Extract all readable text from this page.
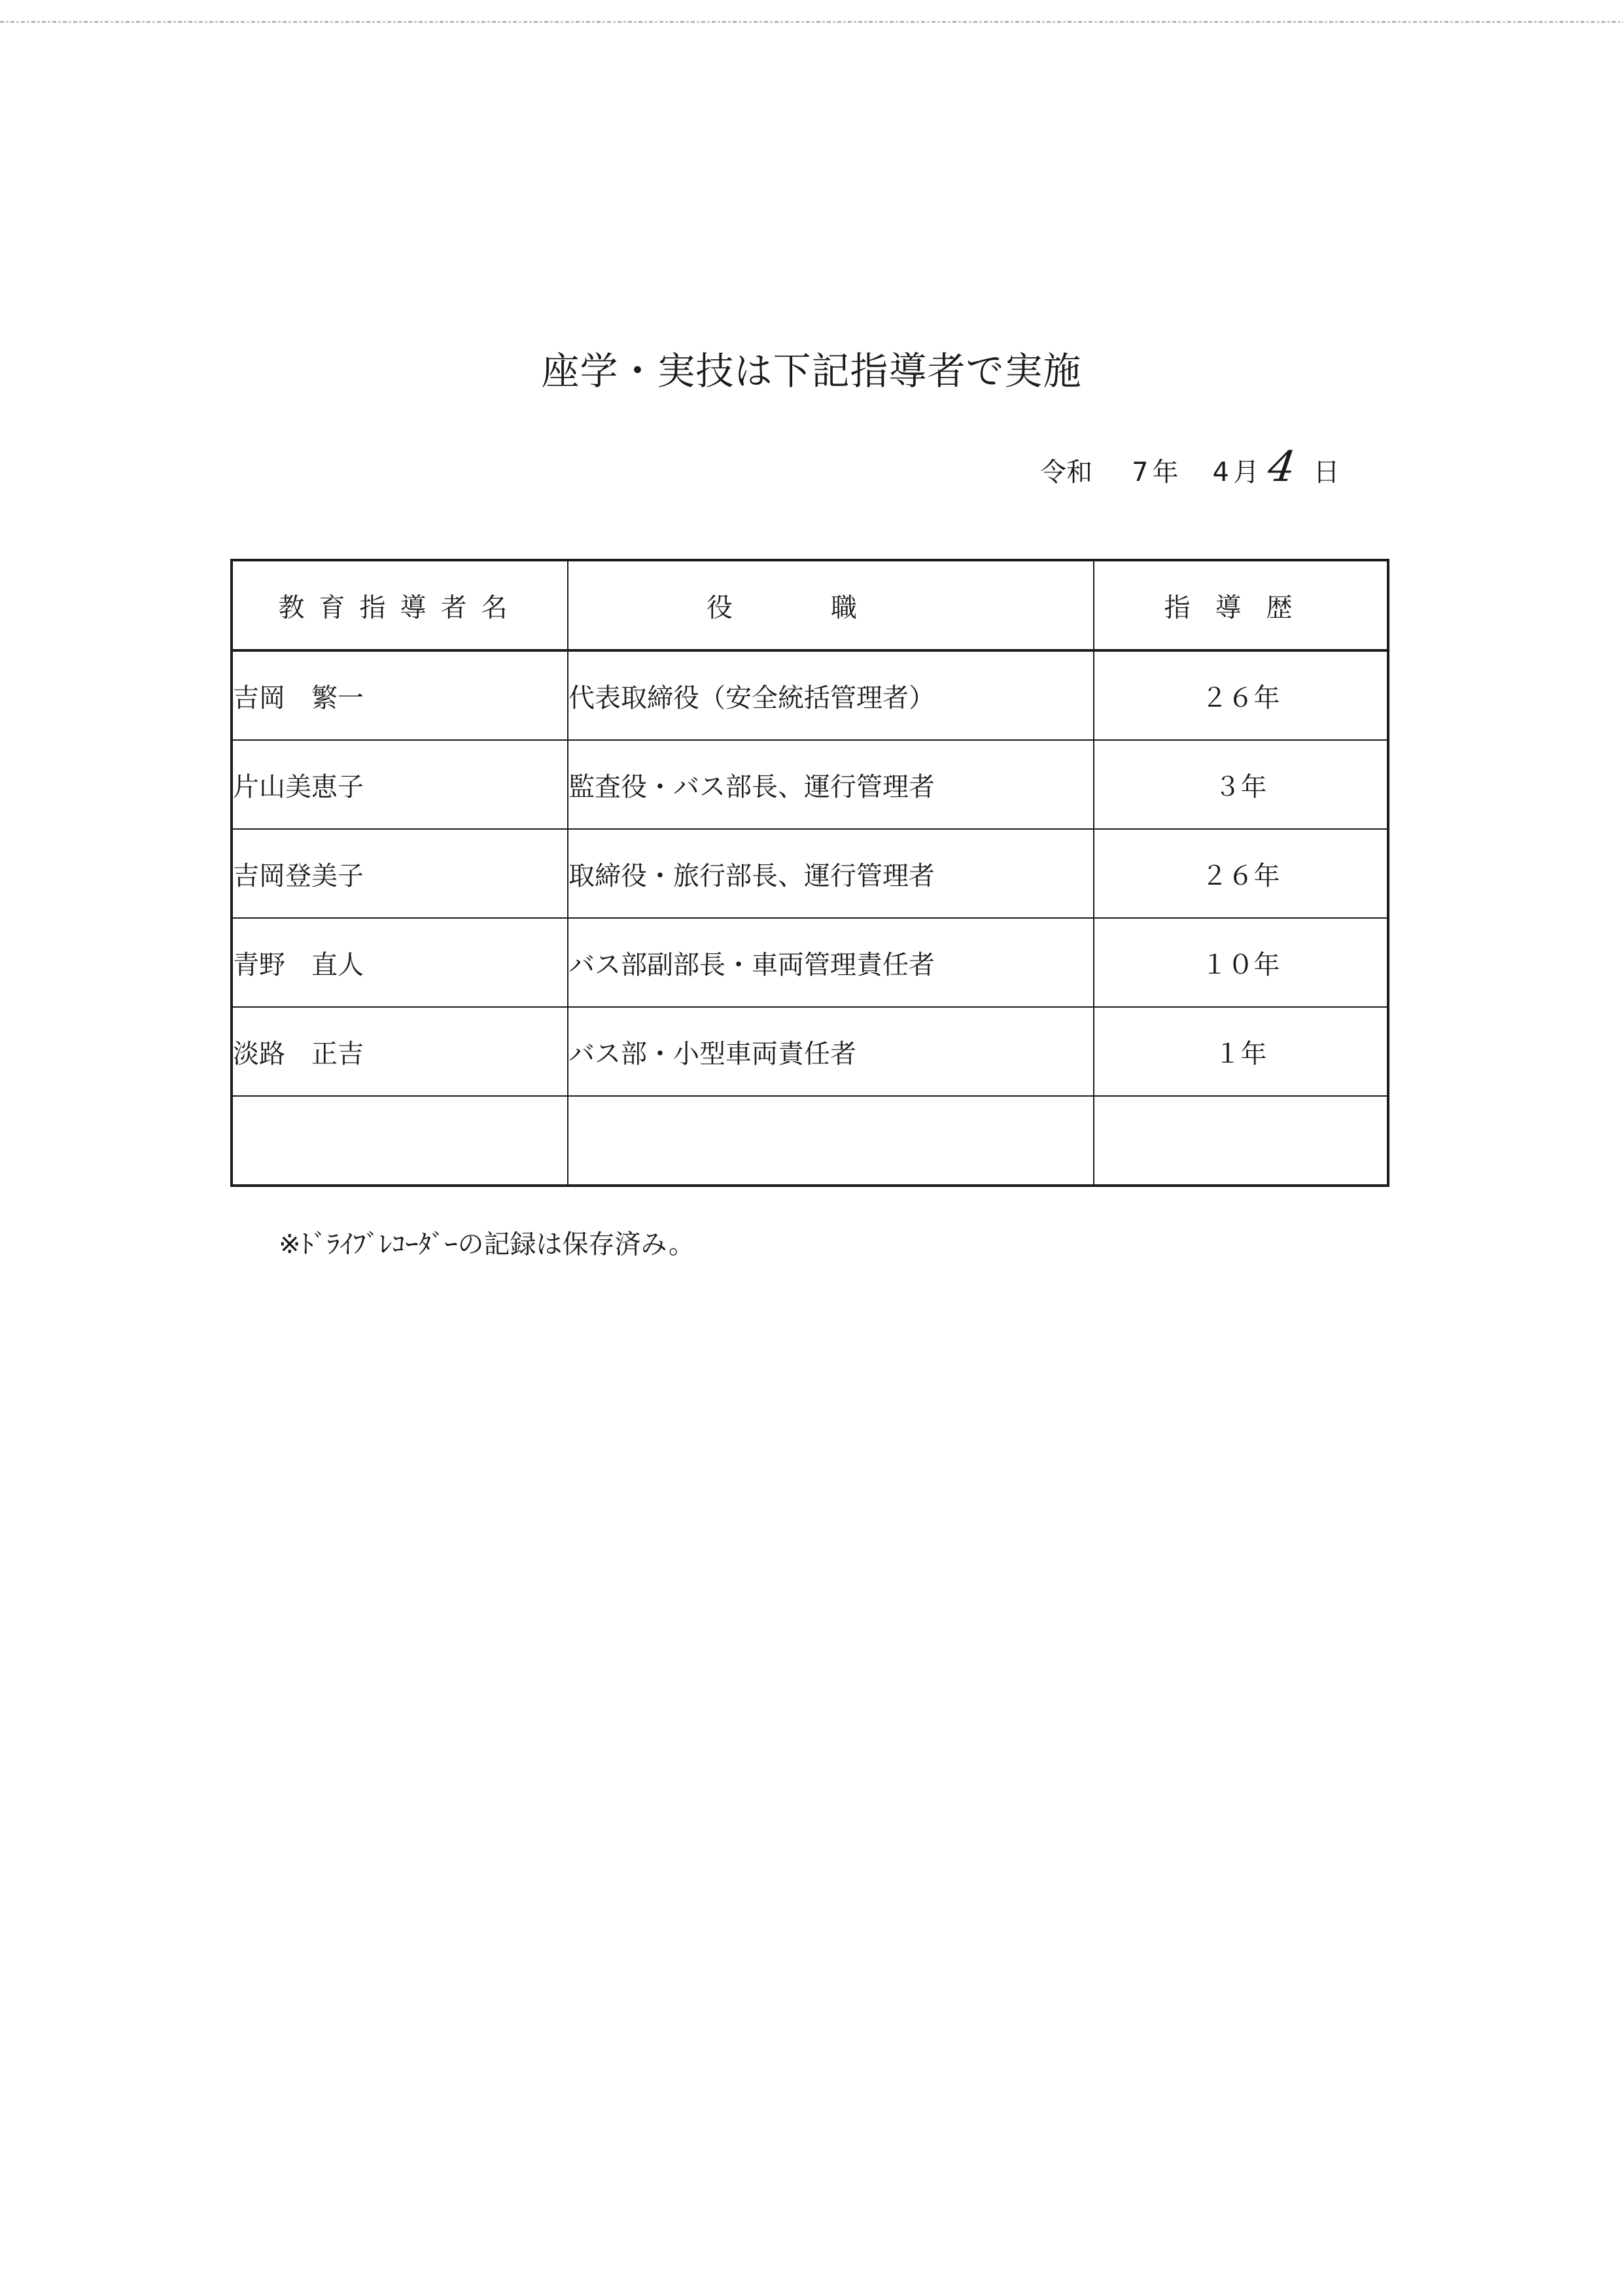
座学・実技は下記指導者で実施
令和 7 年 4 月 4 日
教育指導者名	役職	指導歴
吉岡　繁一	代表取締役（安全統括管理者）	２６年
片山美恵子	監査役・バス部長、運行管理者	３年
吉岡登美子	取締役・旅行部長、運行管理者	２６年
青野　直人	バス部副部長・車両管理責任者	１０年
淡路　正吉	バス部・小型車両責任者	１年

※ﾄﾞﾗｲﾌﾞﾚｺｰﾀﾞｰの記録は保存済み。
